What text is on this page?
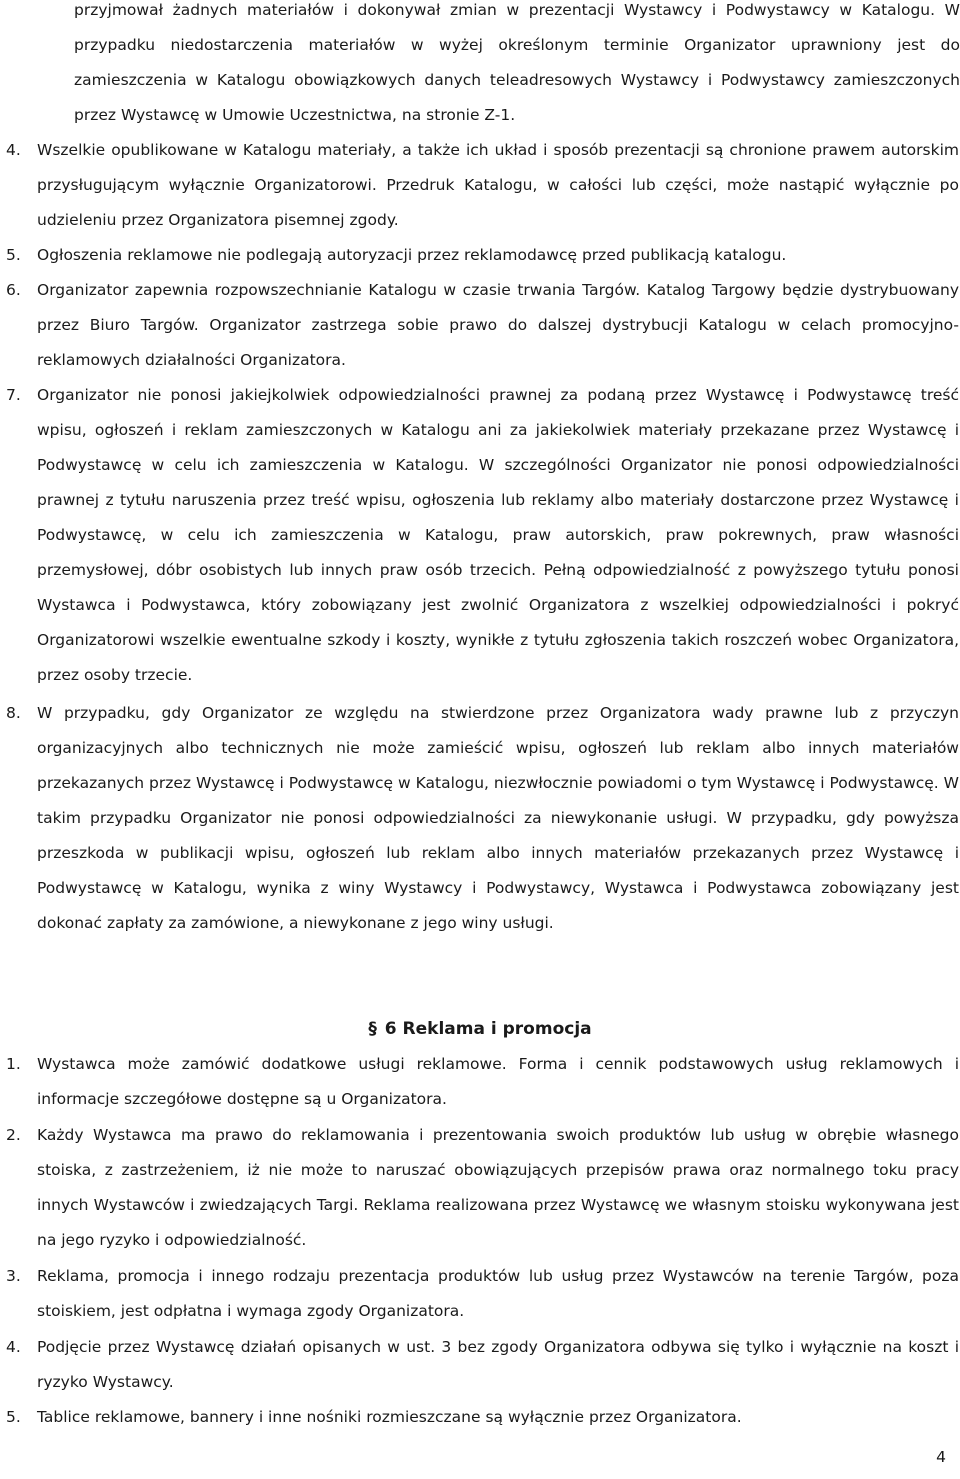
przyjmował żadnych materiałów i dokonywał zmian w prezentacji Wystawcy i Podwystawcy w Katalogu. W przypadku niedostarczenia materiałów w wyżej określonym terminie Organizator uprawniony jest do zamieszczenia w Katalogu obowiązkowych danych teleadresowych Wystawcy i Podwystawcy zamieszczonych przez Wystawcę w Umowie Uczestnictwa, na stronie Z-1.
4.	Wszelkie opublikowane w Katalogu materiały, a także ich układ i sposób prezentacji są chronione prawem autorskim przysługującym wyłącznie Organizatorowi. Przedruk Katalogu, w całości lub części, może nastąpić wyłącznie po udzieleniu przez Organizatora pisemnej zgody.
5.	Ogłoszenia reklamowe nie podlegają autoryzacji przez reklamodawcę przed publikacją katalogu.
6.	Organizator zapewnia rozpowszechnianie Katalogu w czasie trwania Targów. Katalog Targowy będzie dystrybuowany przez Biuro Targów. Organizator zastrzega sobie prawo do dalszej dystrybucji Katalogu w celach promocyjno-reklamowych działalności Organizatora.
7.	Organizator nie ponosi jakiejkolwiek odpowiedzialności prawnej za podaną przez Wystawcę i Podwystawcę treść wpisu, ogłoszeń i reklam zamieszczonych w Katalogu ani za jakiekolwiek materiały przekazane przez Wystawcę i Podwystawcę w celu ich zamieszczenia w Katalogu. W szczególności Organizator nie ponosi odpowiedzialności prawnej z tytułu naruszenia przez treść wpisu, ogłoszenia lub reklamy albo materiały dostarczone przez Wystawcę i Podwystawcę, w celu ich zamieszczenia w Katalogu, praw autorskich, praw pokrewnych, praw własności przemysłowej, dóbr osobistych lub innych praw osób trzecich. Pełną odpowiedzialność z powyższego tytułu ponosi Wystawca i Podwystawca, który zobowiązany jest zwolnić Organizatora z wszelkiej odpowiedzialności i pokryć Organizatorowi wszelkie ewentualne szkody i koszty, wynikłe z tytułu zgłoszenia takich roszczeń wobec Organizatora, przez osoby trzecie.
8.	W przypadku, gdy Organizator ze względu na stwierdzone przez Organizatora wady prawne lub z przyczyn organizacyjnych albo technicznych nie może zamieścić wpisu, ogłoszeń lub reklam albo innych materiałów przekazanych przez Wystawcę i Podwystawcę w Katalogu, niezwłocznie powiadomi o tym Wystawcę i Podwystawcę. W takim przypadku Organizator nie ponosi odpowiedzialności za niewykonanie usługi. W przypadku, gdy powyższa przeszkoda w publikacji wpisu, ogłoszeń lub reklam albo innych materiałów przekazanych przez Wystawcę i Podwystawcę w Katalogu, wynika z winy Wystawcy i Podwystawcy, Wystawca i Podwystawca zobowiązany jest dokonać zapłaty za zamówione, a niewykonane z jego winy usługi.
§ 6 Reklama i promocja
1.	Wystawca może zamówić dodatkowe usługi reklamowe. Forma i cennik podstawowych usług reklamowych i informacje szczegółowe dostępne są u Organizatora.
2.	Każdy Wystawca ma prawo do reklamowania i prezentowania swoich produktów lub usług w obrębie własnego stoiska, z zastrzeżeniem, iż nie może to naruszać obowiązujących przepisów prawa oraz normalnego toku pracy innych Wystawców i zwiedzających Targi. Reklama realizowana przez Wystawcę we własnym stoisku wykonywana jest na jego ryzyko i odpowiedzialność.
3.	Reklama, promocja i innego rodzaju prezentacja produktów lub usług przez Wystawców na terenie Targów, poza stoiskiem, jest odpłatna i wymaga zgody Organizatora.
4.	Podjęcie przez Wystawcę działań opisanych w ust. 3 bez zgody Organizatora odbywa się tylko i wyłącznie na koszt i ryzyko Wystawcy.
5.	Tablice reklamowe, bannery i inne nośniki rozmieszczane są wyłącznie przez Organizatora.
4
